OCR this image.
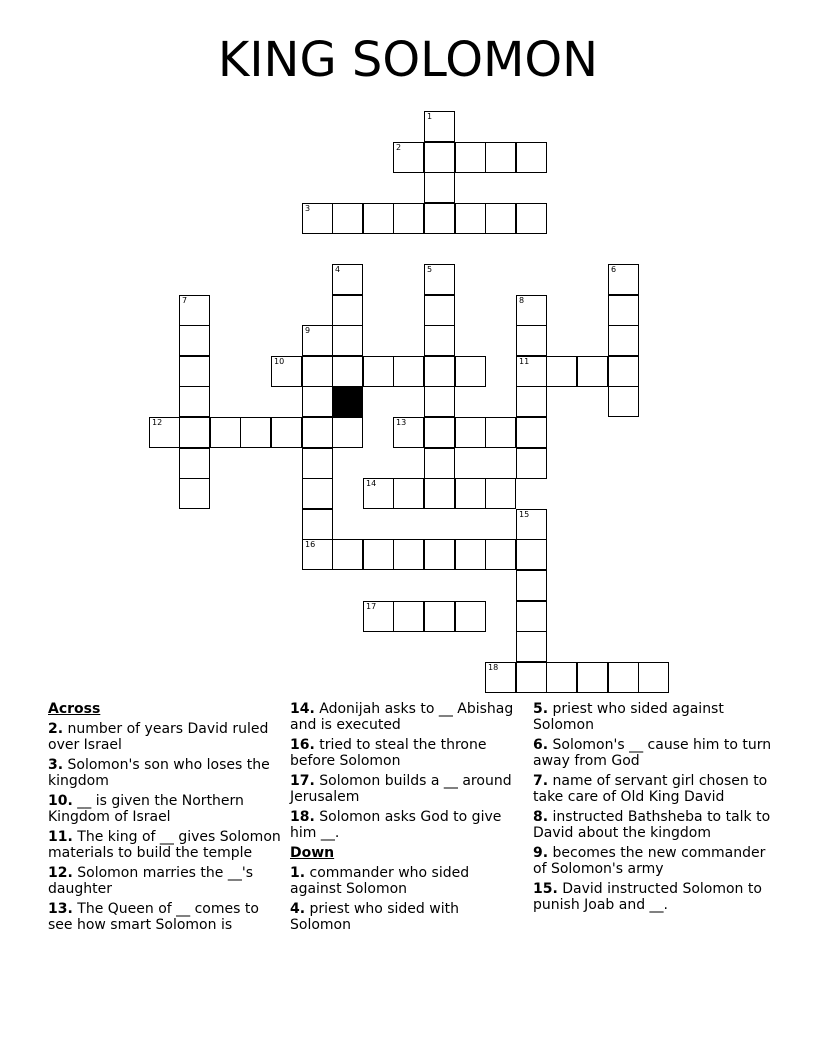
KING SOLOMON
1
2
3
4	5	6
7	8
9
10	11
12	13
14
15
16
17
18
Across
2. number of years David ruled over Israel
3. Solomon's son who loses the kingdom
10. __ is given the Northern Kingdom of Israel
11. The king of __ gives Solomon materials to build the temple
12. Solomon marries the __'s daughter
13. The Queen of __ comes to see how smart Solomon is
14. Adonijah asks to __ Abishag and is executed
16. tried to steal the throne before Solomon
17. Solomon builds a __ around Jerusalem
18. Solomon asks God to give him __.
Down
1. commander who sided against Solomon
4. priest who sided with Solomon
5. priest who sided against Solomon
6. Solomon's __ cause him to turn away from God
7. name of servant girl chosen to take care of Old King David
8. instructed Bathsheba to talk to David about the kingdom
9. becomes the new commander of Solomon's army
15. David instructed Solomon to punish Joab and __.
